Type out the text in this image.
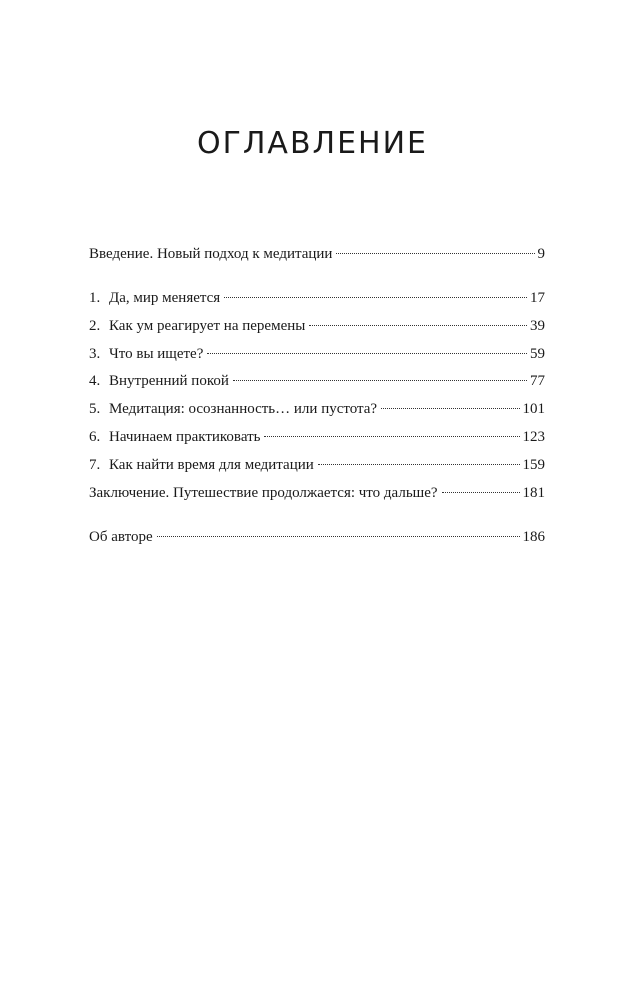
ОГЛАВЛЕНИЕ
Введение. Новый подход к медитации	9
1. Да, мир меняется	17
2. Как ум реагирует на перемены	39
3. Что вы ищете?	59
4. Внутренний покой	77
5. Медитация: осознанность… или пустота?	101
6. Начинаем практиковать	123
7. Как найти время для медитации	159
Заключение. Путешествие продолжается: что дальше?	181
Об авторе	186
